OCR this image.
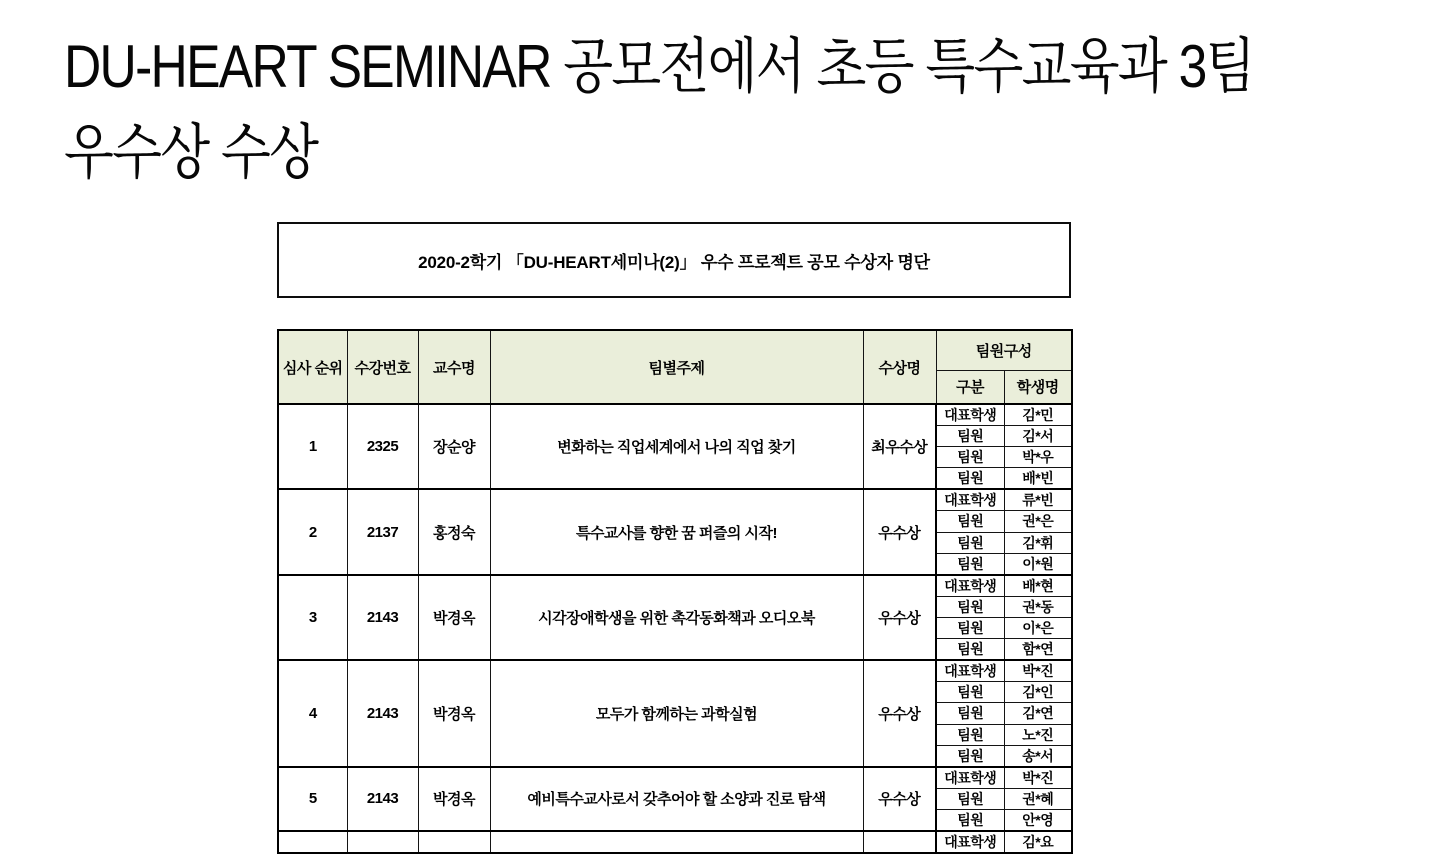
DU-HEART SEMINAR 공모전에서 초등 특수교육과 3팀
우수상 수상
2020-2학기 「DU-HEART세미나(2)」 우수 프로젝트 공모 수상자 명단
심사 순위	수강번호	교수명	팀별주제	수상명	팀원구성	
					구분	학생명
1	2325	장순양	변화하는 직업세계에서 나의 직업 찾기	최우수상	대표학생	김*민
					팀원	김*서
					팀원	박*우
					팀원	배*빈
2	2137	홍정숙	특수교사를 향한 꿈 퍼즐의 시작!	우수상	대표학생	류*빈
					팀원	권*은
					팀원	김*휘
					팀원	이*원
3	2143	박경옥	시각장애학생을 위한 촉각동화책과 오디오북	우수상	대표학생	배*현
					팀원	권*동
					팀원	이*은
					팀원	함*연
4	2143	박경옥	모두가 함께하는 과학실험	우수상	대표학생	박*진
					팀원	김*인
					팀원	김*연
					팀원	노*진
					팀원	송*서
5	2143	박경옥	예비특수교사로서 갖추어야 할 소양과 진로 탐색	우수상	대표학생	박*진
					팀원	권*혜
					팀원	안*영
					대표학생	김*요
